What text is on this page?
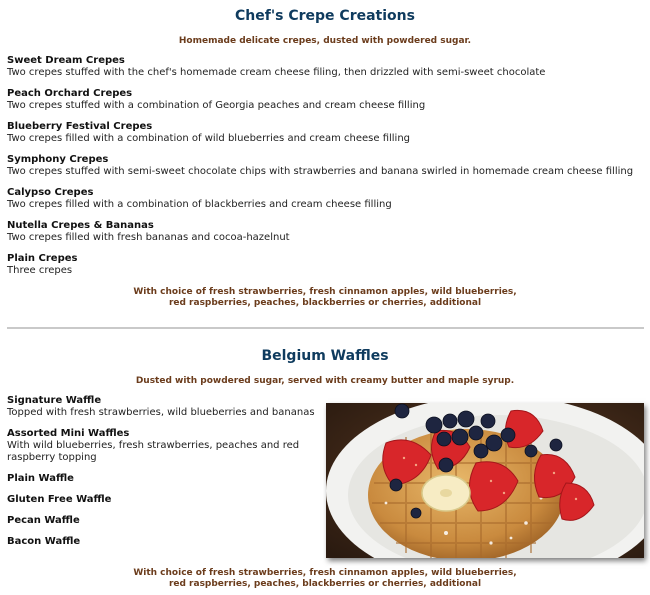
Chef's Crepe Creations
Homemade delicate crepes, dusted with powdered sugar.
Sweet Dream Crepes
Two crepes stuffed with the chef's homemade cream cheese filing, then drizzled with semi-sweet chocolate
Peach Orchard Crepes
Two crepes stuffed with a combination of Georgia peaches and cream cheese filling
Blueberry Festival Crepes
Two crepes filled with a combination of wild blueberries and cream cheese filling
Symphony Crepes
Two crepes stuffed with semi-sweet chocolate chips with strawberries and banana swirled in homemade cream cheese filling
Calypso Crepes
Two crepes filled with a combination of blackberries and cream cheese filling
Nutella Crepes & Bananas
Two crepes filled with fresh bananas and cocoa-hazelnut
Plain Crepes
Three crepes
With choice of fresh strawberries, fresh cinnamon apples, wild blueberries,
red raspberries, peaches, blackberries or cherries, additional
Belgium Waffles
Dusted with powdered sugar, served with creamy butter and maple syrup.
Signature Waffle
Topped with fresh strawberries, wild blueberries and bananas
Assorted Mini Waffles
With wild blueberries, fresh strawberries, peaches and red
raspberry topping
Plain Waffle
Gluten Free Waffle
Pecan Waffle
Bacon Waffle
With choice of fresh strawberries, fresh cinnamon apples, wild blueberries,
red raspberries, peaches, blackberries or cherries, additional
